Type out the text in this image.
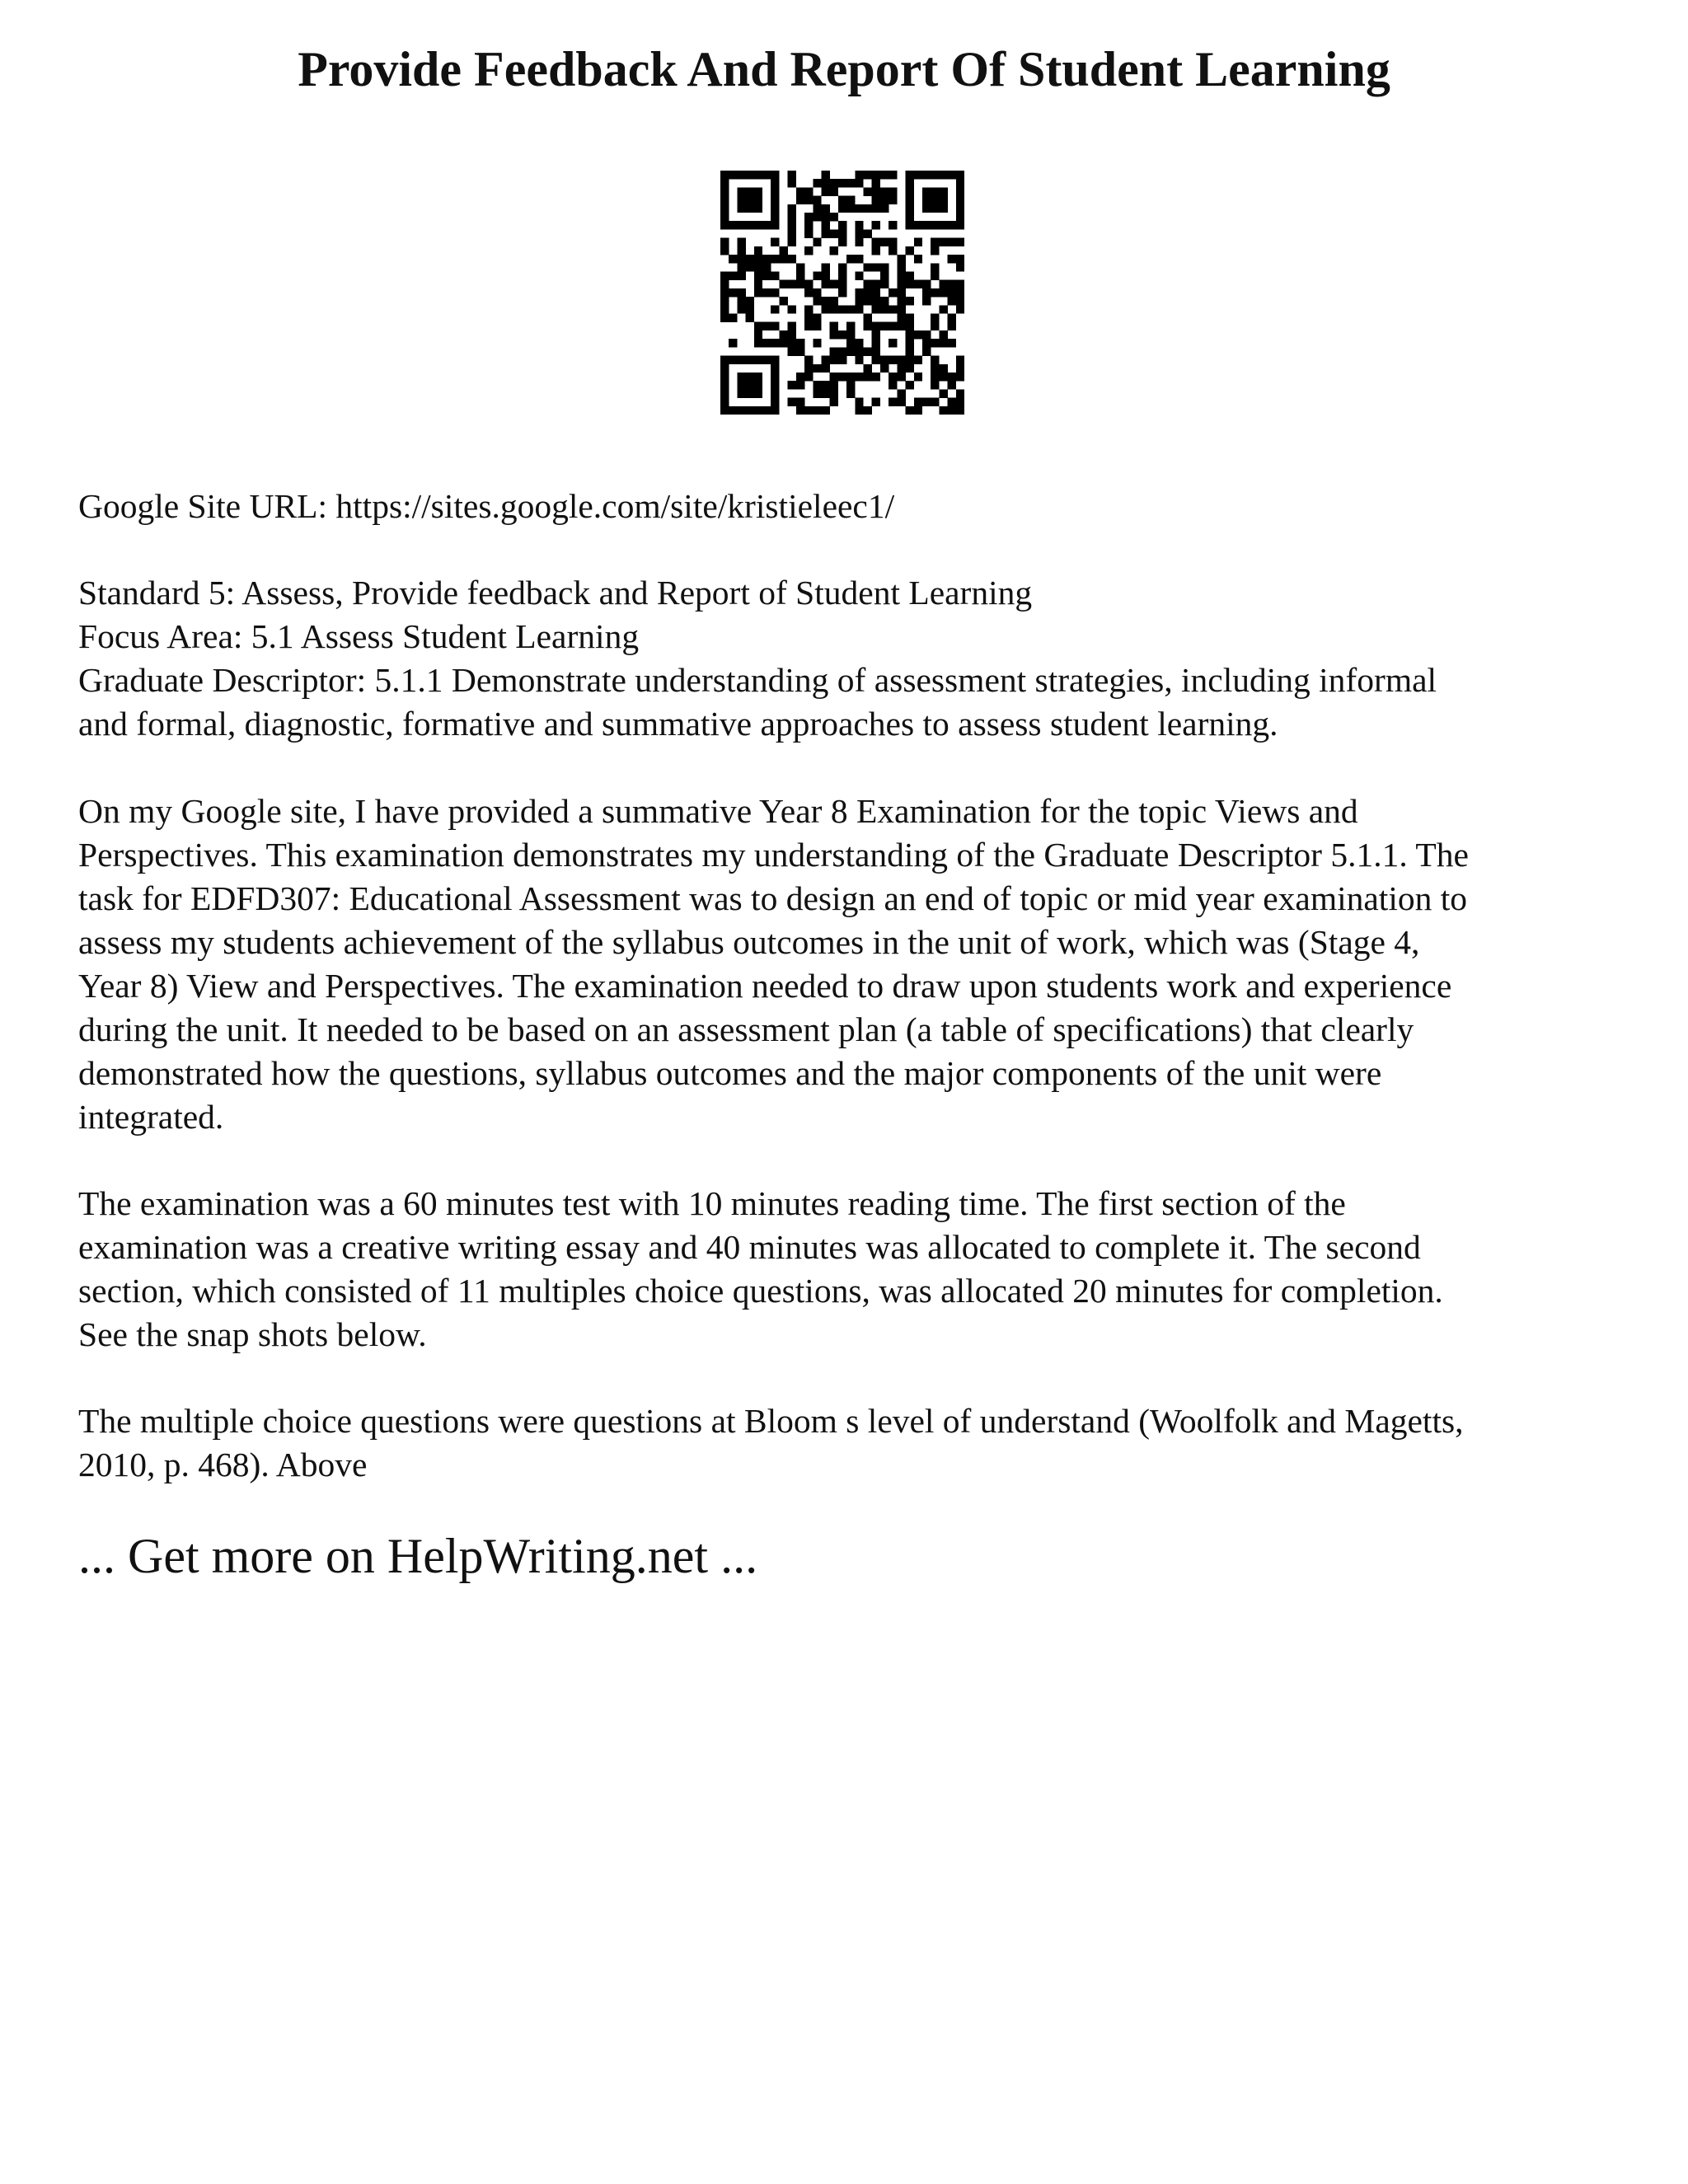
Provide Feedback And Report Of Student Learning

Google Site URL: https://sites.google.com/site/kristieleec1/

Standard 5: Assess, Provide feedback and Report of Student Learning
Focus Area: 5.1 Assess Student Learning
Graduate Descriptor: 5.1.1 Demonstrate understanding of assessment strategies, including informal
and formal, diagnostic, formative and summative approaches to assess student learning.
On my Google site, I have provided a summative Year 8 Examination for the topic Views and
Perspectives. This examination demonstrates my understanding of the Graduate Descriptor 5.1.1. The
task for EDFD307: Educational Assessment was to design an end of topic or mid year examination to
assess my students achievement of the syllabus outcomes in the unit of work, which was (Stage 4,
Year 8) View and Perspectives. The examination needed to draw upon students work and experience
during the unit. It needed to be based on an assessment plan (a table of specifications) that clearly
demonstrated how the questions, syllabus outcomes and the major components of the unit were
integrated.
The examination was a 60 minutes test with 10 minutes reading time. The first section of the
examination was a creative writing essay and 40 minutes was allocated to complete it. The second
section, which consisted of 11 multiples choice questions, was allocated 20 minutes for completion.
See the snap shots below.
The multiple choice questions were questions at Bloom s level of understand (Woolfolk and Magetts,
2010, p. 468). Above
... Get more on HelpWriting.net ...
